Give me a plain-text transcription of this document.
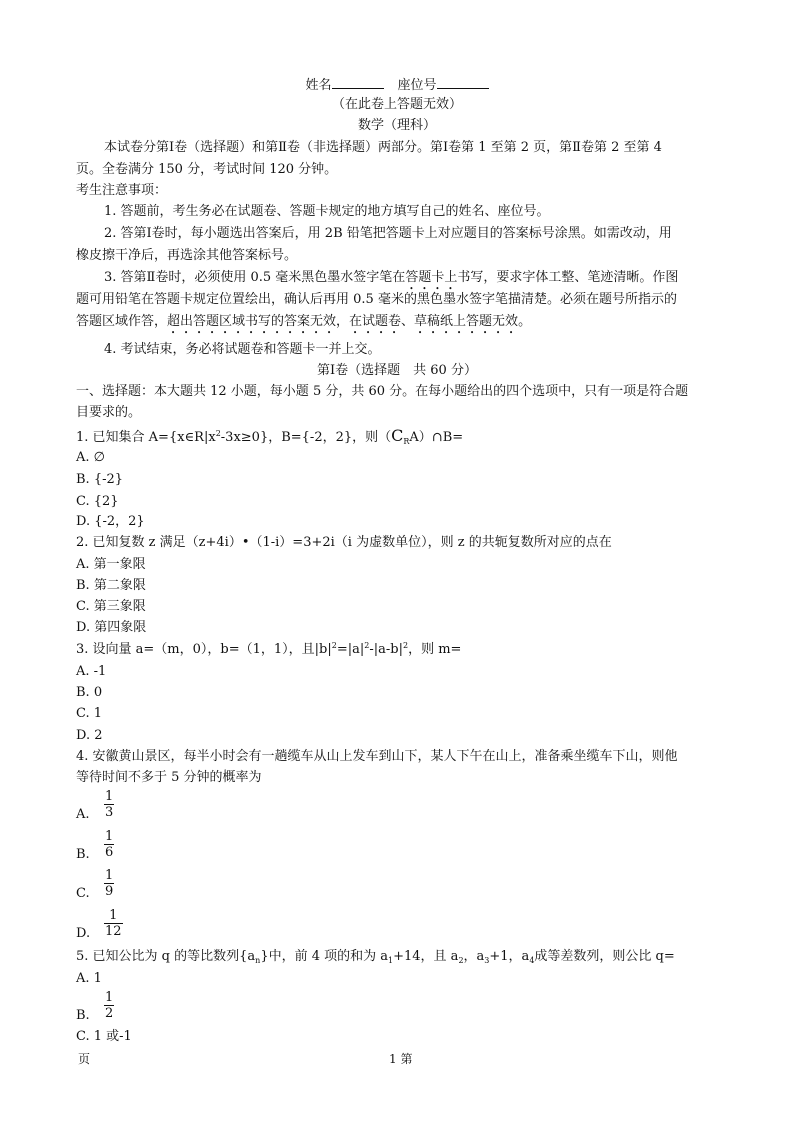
姓名	座位号
（在此卷上答题无效）
数学（理科）
本试卷分第Ⅰ卷（选择题）和第Ⅱ卷（非选择题）两部分。第Ⅰ卷第 1 至第 2 页，第Ⅱ卷第 2 至第 4
页。全卷满分 150 分，考试时间 120 分钟。
考生注意事项：
1. 答题前，考生务必在试题卷、答题卡规定的地方填写自己的姓名、座位号。
2. 答第Ⅰ卷时，每小题选出答案后，用 2B 铅笔把答题卡上对应题目的答案标号涂黑。如需改动，用
橡皮擦干净后，再选涂其他答案标号。
3. 答第Ⅱ卷时，必须使用 0.5 毫米黑色墨水签字笔在答题卡上书写，要求字体工整、笔迹清晰。作图
题可用铅笔在答题卡规定位置绘出，确认后再用 0.5 毫米的黑色墨水签字笔描清楚。必须在题号所指示的
答题区域作答，超出答题区域书写的答案无效，在试题卷、草稿纸上答题无效。
4. 考试结束，务必将试题卷和答题卡一并上交。
第Ⅰ卷（选择题　共 60 分）
一、选择题：本大题共 12 小题，每小题 5 分，共 60 分。在每小题给出的四个选项中，只有一项是符合题
目要求的。
1. 已知集合 $A=\{x\in R|x^2-3x\ge 0\}$，B={-2，2}，则$(C_RA)\cap B=$
A. ∅
B. {-2}
C. {2}
D. {-2，2}
2. 已知复数 z 满足（z+4i）•（1-i）=3+2i（i 为虚数单位），则 z 的共轭复数所对应的点在
A. 第一象限
B. 第二象限
C. 第三象限
D. 第四象限
3. 设向量 a=（m，0），b=（1，1），且$|b|^2=|a|^2-|a-b|^2$，则 m=
A. -1
B. 0
C. 1
D. 2
4. 安徽黄山景区，每半小时会有一趟缆车从山上发车到山下，某人下午在山上，准备乘坐缆车下山，则他
等待时间不多于 5 分钟的概率为
A. $\frac{1}{3}$
B. $\frac{1}{6}$
C. $\frac{1}{9}$
D. $\frac{1}{12}$
5. 已知公比为 q 的等比数列$\{a_n\}$中，前 4 项的和为 $a_1+14$，且 $a_2$，$a_3+1$，$a_4$成等差数列，则公比 q=
A. 1
B. $\frac{1}{2}$
C. 1 或-1
页	1 第
